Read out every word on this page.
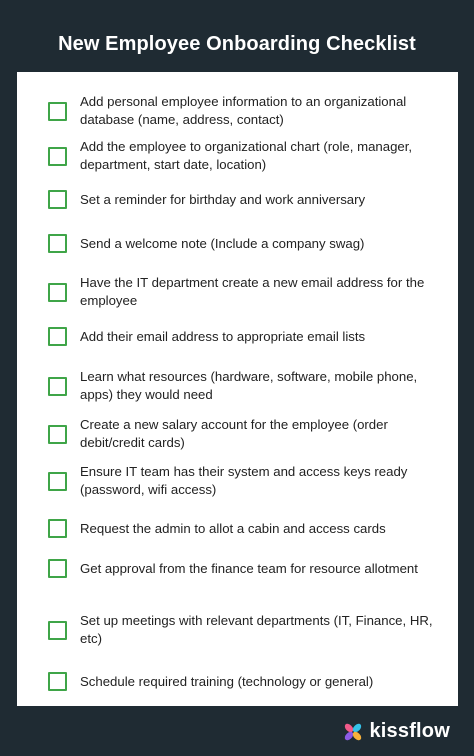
New Employee Onboarding Checklist
Add personal employee information to an organizational database (name, address, contact)
Add the employee to organizational chart (role, manager, department, start date, location)
Set a reminder for birthday and work anniversary
Send a welcome note (Include a company swag)
Have the IT department create a new email address for the employee
Add their email address to appropriate email lists
Learn what resources (hardware, software, mobile phone, apps) they would need
Create a new salary account for the employee (order debit/credit cards)
Ensure IT team has their system and access keys ready (password, wifi access)
Request the admin to allot a cabin and access cards
Get approval from the finance team for resource allotment
Set up meetings with relevant departments (IT, Finance, HR, etc)
Schedule required training (technology or general)
kissflow
